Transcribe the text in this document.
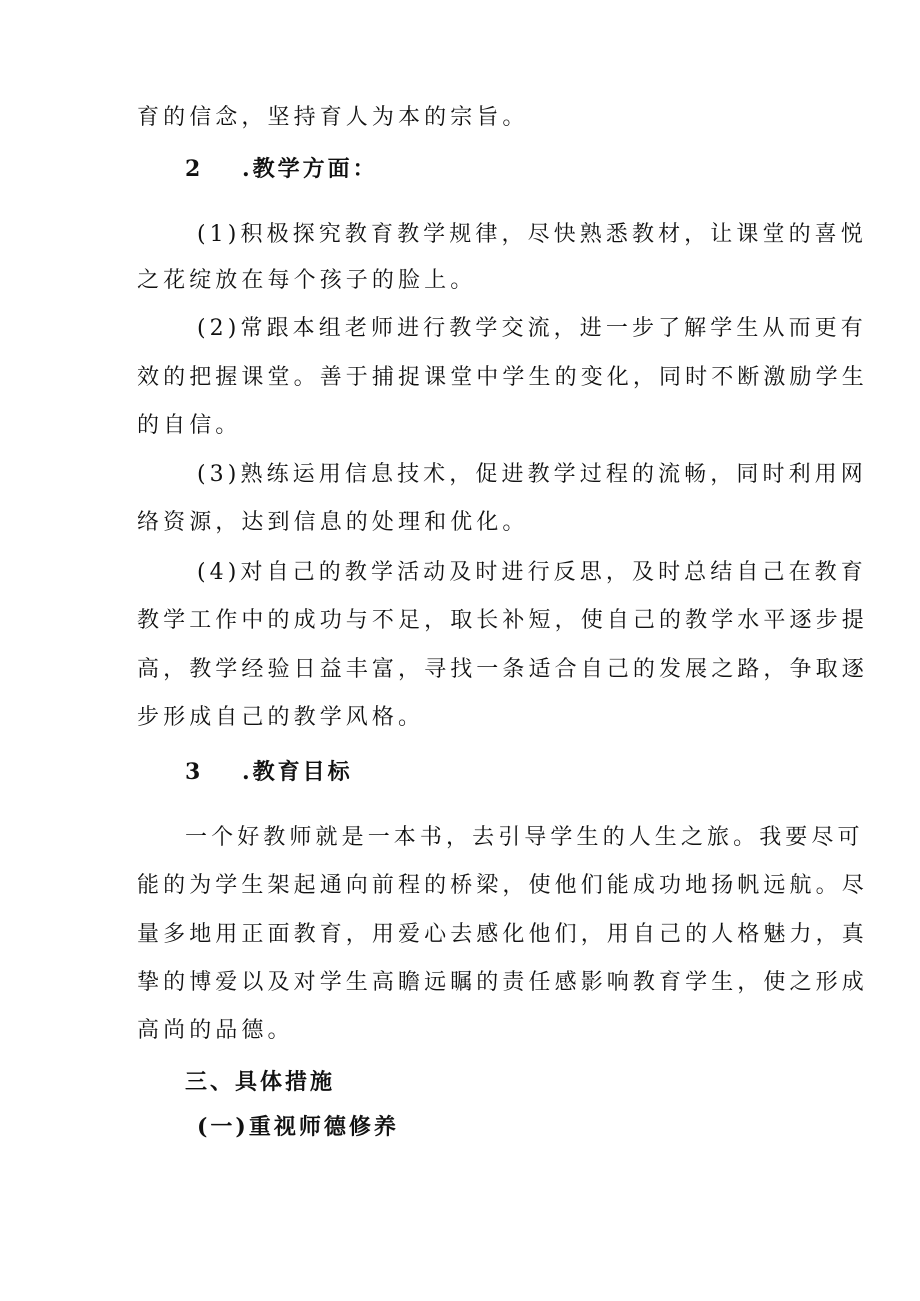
育的信念，坚持育人为本的宗旨。
2 .教学方面：
(1)积极探究教育教学规律，尽快熟悉教材，让课堂的喜悦
之花绽放在每个孩子的脸上。
(2)常跟本组老师进行教学交流，进一步了解学生从而更有
效的把握课堂。善于捕捉课堂中学生的变化，同时不断激励学生
的自信。
(3)熟练运用信息技术，促进教学过程的流畅，同时利用网
络资源，达到信息的处理和优化。
(4)对自己的教学活动及时进行反思，及时总结自己在教育
教学工作中的成功与不足，取长补短，使自己的教学水平逐步提
高，教学经验日益丰富，寻找一条适合自己的发展之路，争取逐
步形成自己的教学风格。
3 .教育目标
一个好教师就是一本书，去引导学生的人生之旅。我要尽可
能的为学生架起通向前程的桥梁，使他们能成功地扬帆远航。尽
量多地用正面教育，用爱心去感化他们，用自己的人格魅力，真
挚的博爱以及对学生高瞻远瞩的责任感影响教育学生，使之形成
高尚的品德。
三、具体措施
(一)重视师德修养
